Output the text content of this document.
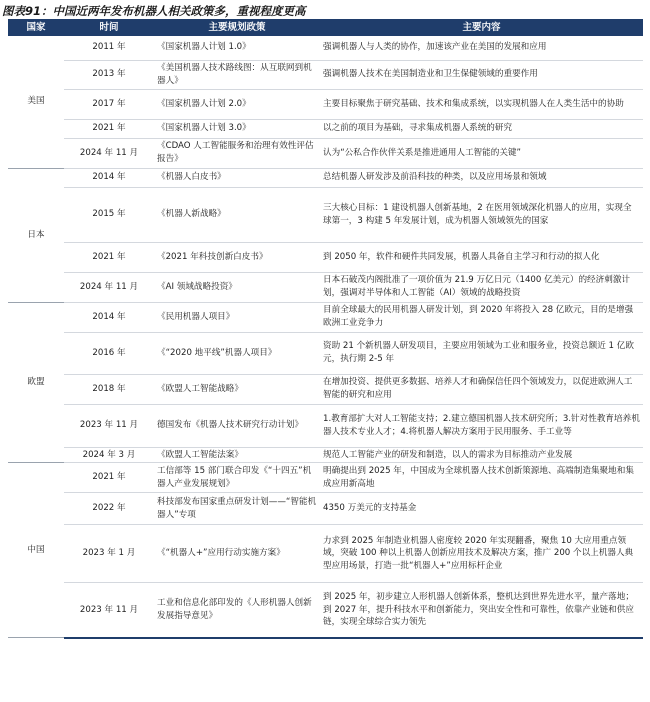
图表91：中国近两年发布机器人相关政策多，重视程度更高
国家	时间	主要规划政策	主要内容
美国	2011 年	《国家机器人计划 1.0》	强调机器人与人类的协作，加速该产业在美国的发展和应用
	2013 年	《美国机器人技术路线图：从互联网到机器人》	强调机器人技术在美国制造业和卫生保健领域的重要作用
	2017 年	《国家机器人计划 2.0》	主要目标聚焦于研究基础、技术和集成系统，以实现机器人在人类生活中的协助
	2021 年	《国家机器人计划 3.0》	以之前的项目为基础，寻求集成机器人系统的研究
	2024 年 11 月	《CDAO 人工智能服务和治理有效性评估报告》	认为“公私合作伙伴关系是推进通用人工智能的关键”
日本	2014 年	《机器人白皮书》	总结机器人研发涉及前沿科技的种类，以及应用场景和领域
	2015 年	《机器人新战略》	三大核心目标：1 建设机器人创新基地，2 在医用领域深化机器人的应用，实现全球第一，3 构建 5 年发展计划，成为机器人领域领先的国家
	2021 年	《2021 年科技创新白皮书》	到 2050 年，软件和硬件共同发展，机器人具备自主学习和行动的拟人化
	2024 年 11 月	《AI 领域战略投资》	日本石破茂内阁批准了一项价值为 21.9 万亿日元（1400 亿美元）的经济刺激计划，强调对半导体和人工智能（AI）领域的战略投资
欧盟	2014 年	《民用机器人项目》	目前全球最大的民用机器人研发计划，到 2020 年将投入 28 亿欧元，目的是增强欧洲工业竞争力
	2016 年	《“2020 地平线”机器人项目》	资助 21 个新机器人研发项目，主要应用领域为工业和服务业，投资总额近 1 亿欧元，执行期 2-5 年
	2018 年	《欧盟人工智能战略》	在增加投资、提供更多数据、培养人才和确保信任四个领域发力，以促进欧洲人工智能的研究和应用
	2023 年 11 月	德国发布《机器人技术研究行动计划》	1.教育部扩大对人工智能支持；2.建立德国机器人技术研究所；3.针对性教育培养机器人技术专业人才；4.将机器人解决方案用于民用服务、手工业等
	2024 年 3 月	《欧盟人工智能法案》	规范人工智能产业的研发和制造，以人的需求为目标推动产业发展
中国	2021 年	工信部等 15 部门联合印发《“十四五”机器人产业发展规划》	明确提出到 2025 年，中国成为全球机器人技术创新策源地、高端制造集聚地和集成应用新高地
	2022 年	科技部发布国家重点研发计划——“智能机器人”专项	4350 万美元的支持基金
	2023 年 1 月	《“机器人+”应用行动实施方案》	力求到 2025 年制造业机器人密度较 2020 年实现翻番，聚焦 10 大应用重点领域，突破 100 种以上机器人创新应用技术及解决方案，推广 200 个以上机器人典型应用场景，打造一批“机器人+”应用标杆企业
	2023 年 11 月	工业和信息化部印发的《人形机器人创新发展指导意见》	到 2025 年，初步建立人形机器人创新体系，整机达到世界先进水平，量产落地；到 2027 年，提升科技水平和创新能力，突出安全性和可靠性，依靠产业链和供应链，实现全球综合实力领先
